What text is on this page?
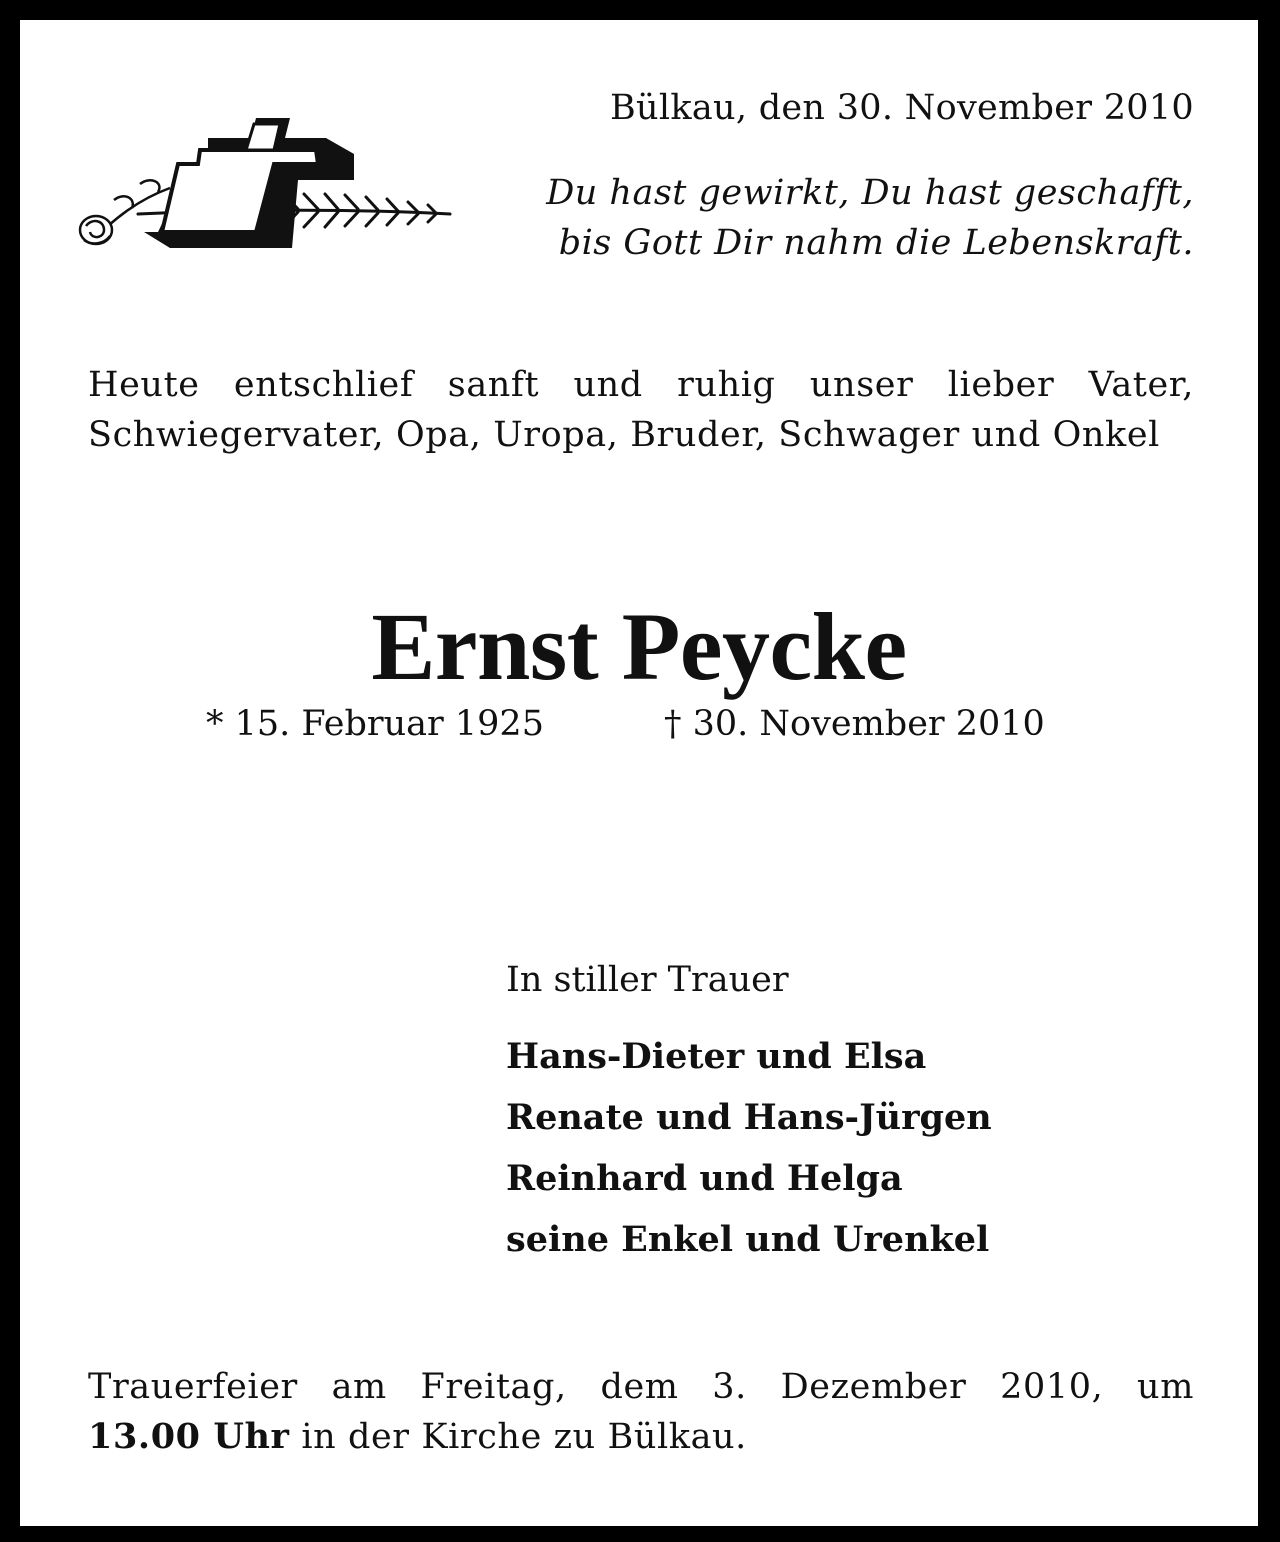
Bülkau, den 30. November 2010
Du hast gewirkt, Du hast geschafft,
bis Gott Dir nahm die Lebenskraft.
Heute entschlief sanft und ruhig unser lieber Vater, Schwiegervater, Opa, Uropa, Bruder, Schwager und Onkel
Ernst Peycke
* 15. Februar 1925	† 30. November 2010
In stiller Trauer
Hans-Dieter und Elsa
Renate und Hans-Jürgen
Reinhard und Helga
seine Enkel und Urenkel
Trauerfeier am Freitag, dem 3. Dezember 2010, um
13.00 Uhr in der Kirche zu Bülkau.
